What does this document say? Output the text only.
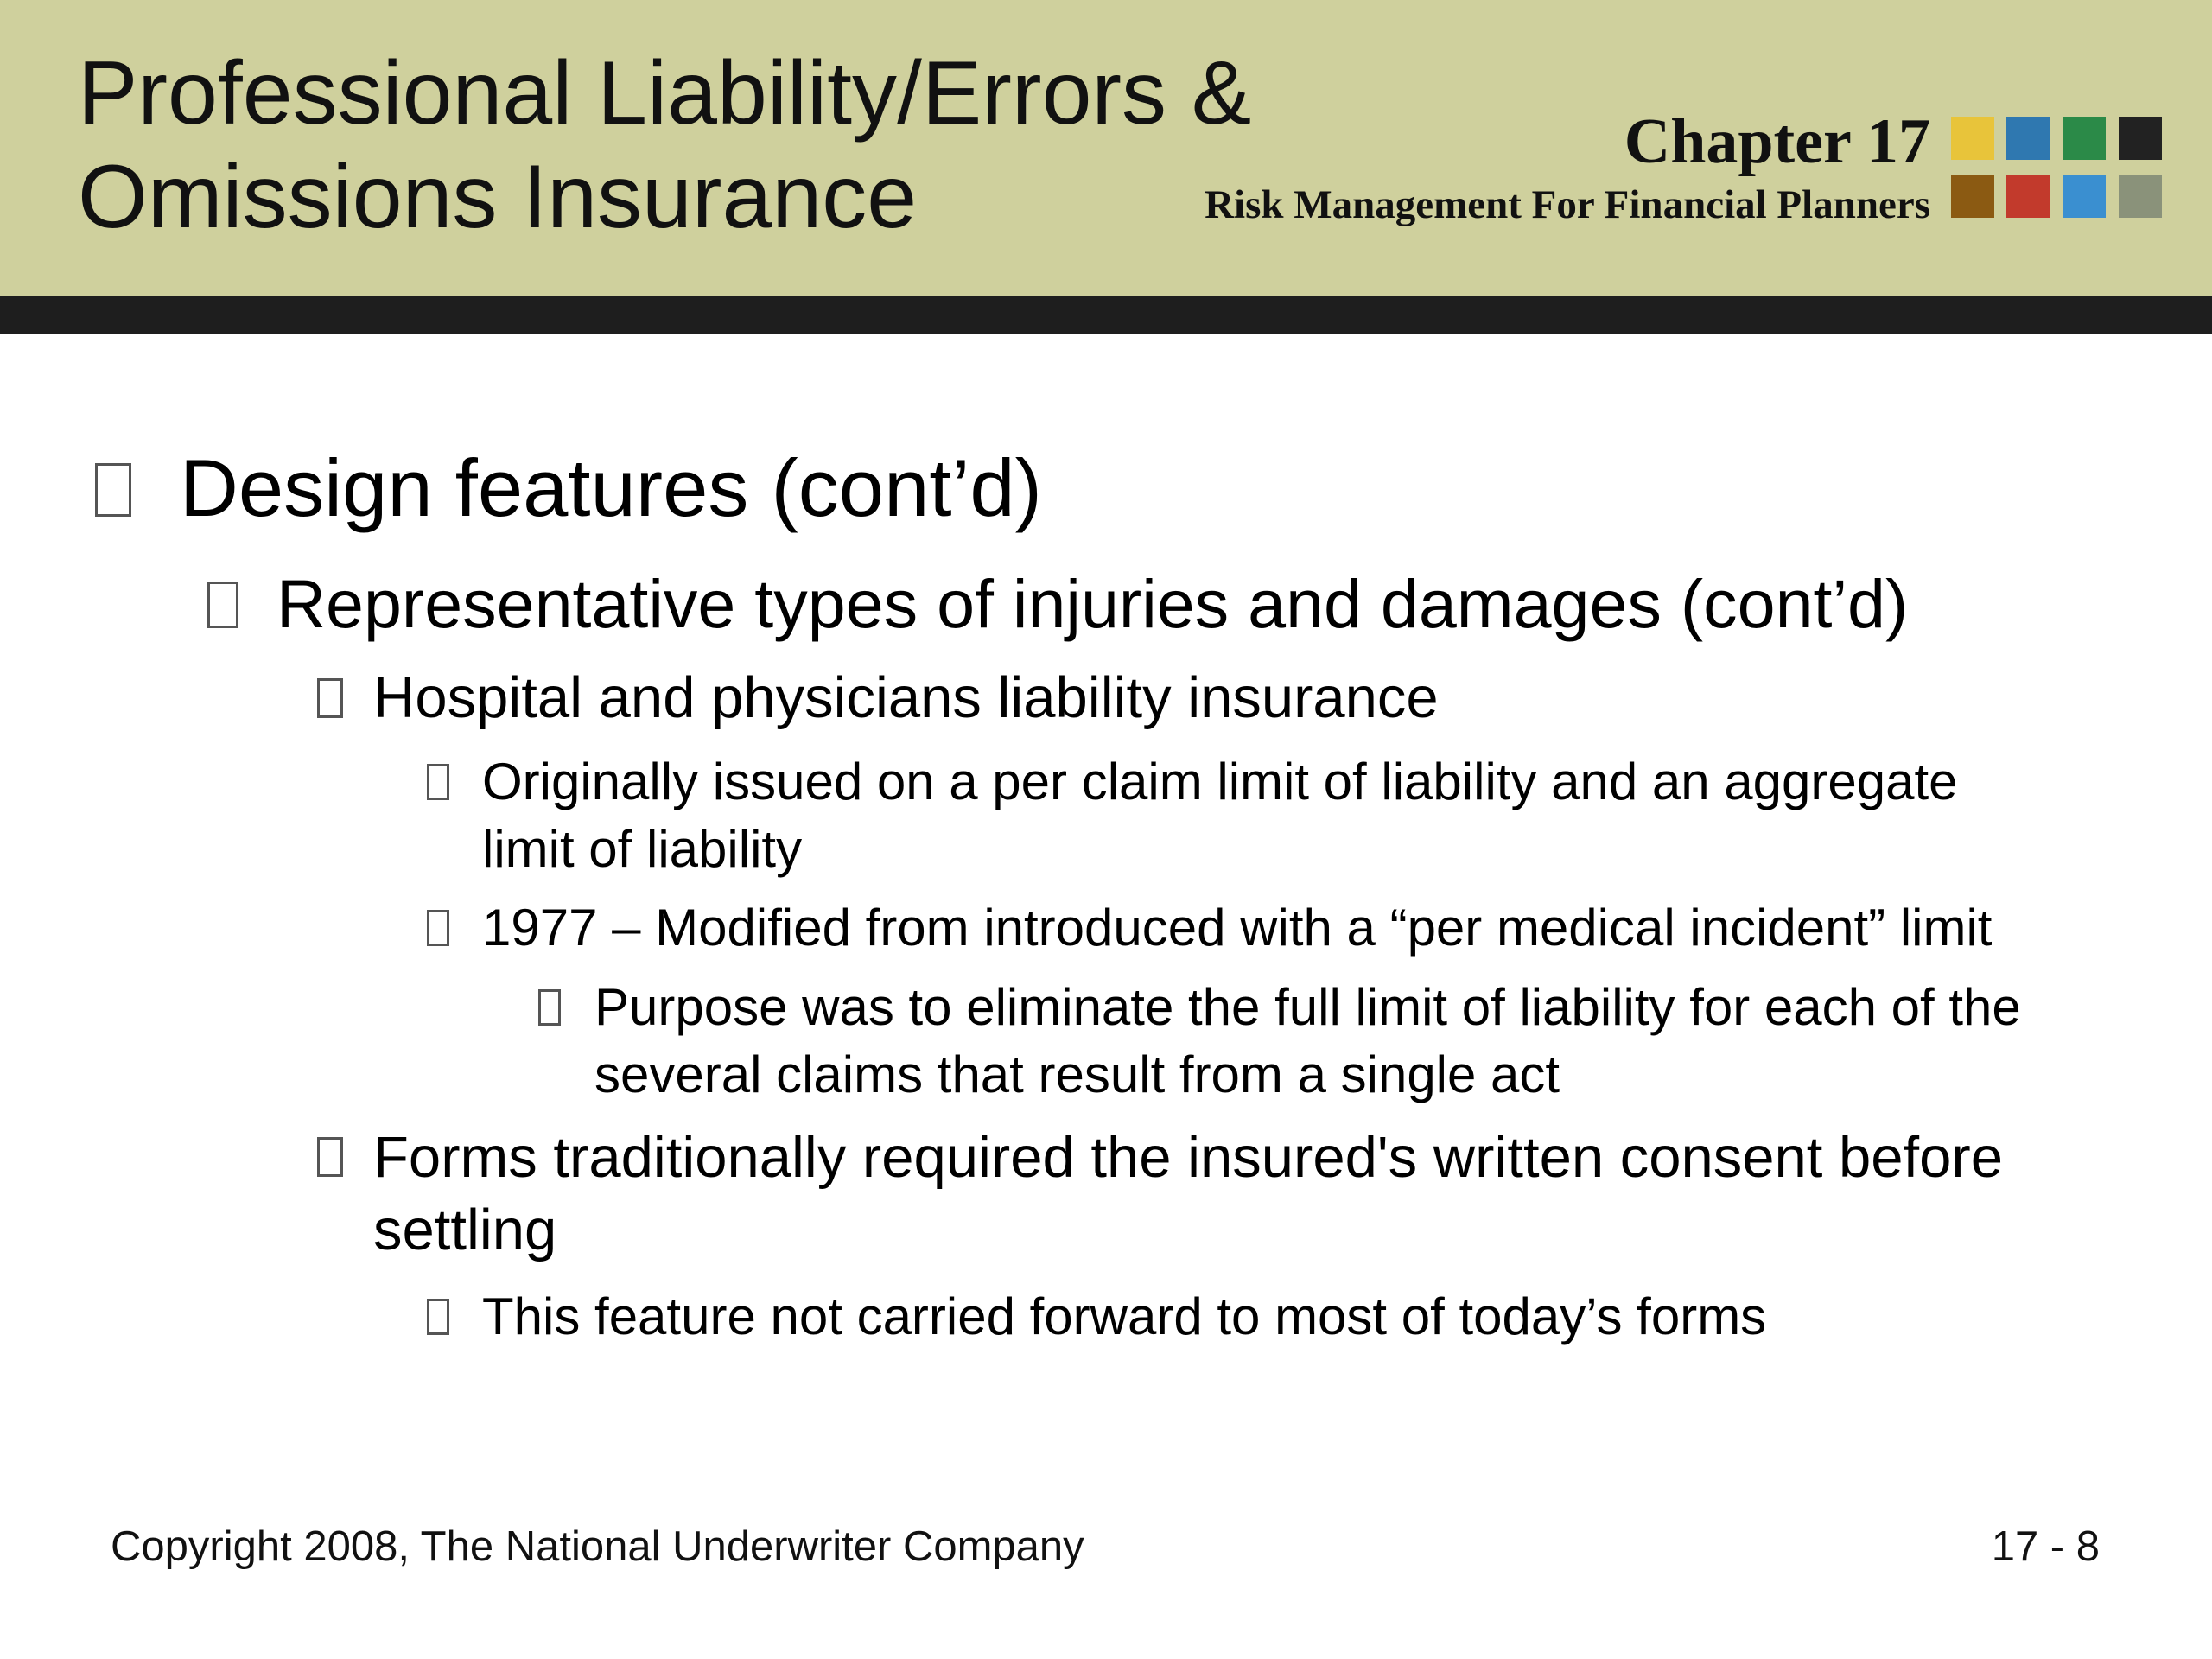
Professional Liability/Errors &
Omissions Insurance
Chapter 17
Risk Management For Financial Planners
Design features (cont’d)
Representative types of injuries and damages (cont’d)
Hospital and physicians liability insurance
Originally issued on a per claim limit of liability and an aggregate
limit of liability
1977 – Modified from introduced with a “per medical incident” limit
Purpose was to eliminate the full limit of liability for each of the
several claims that result from a single act
Forms traditionally required the insured's written consent before
settling
This feature not carried forward to most of today’s forms
Copyright 2008, The National Underwriter Company	17 - 8
